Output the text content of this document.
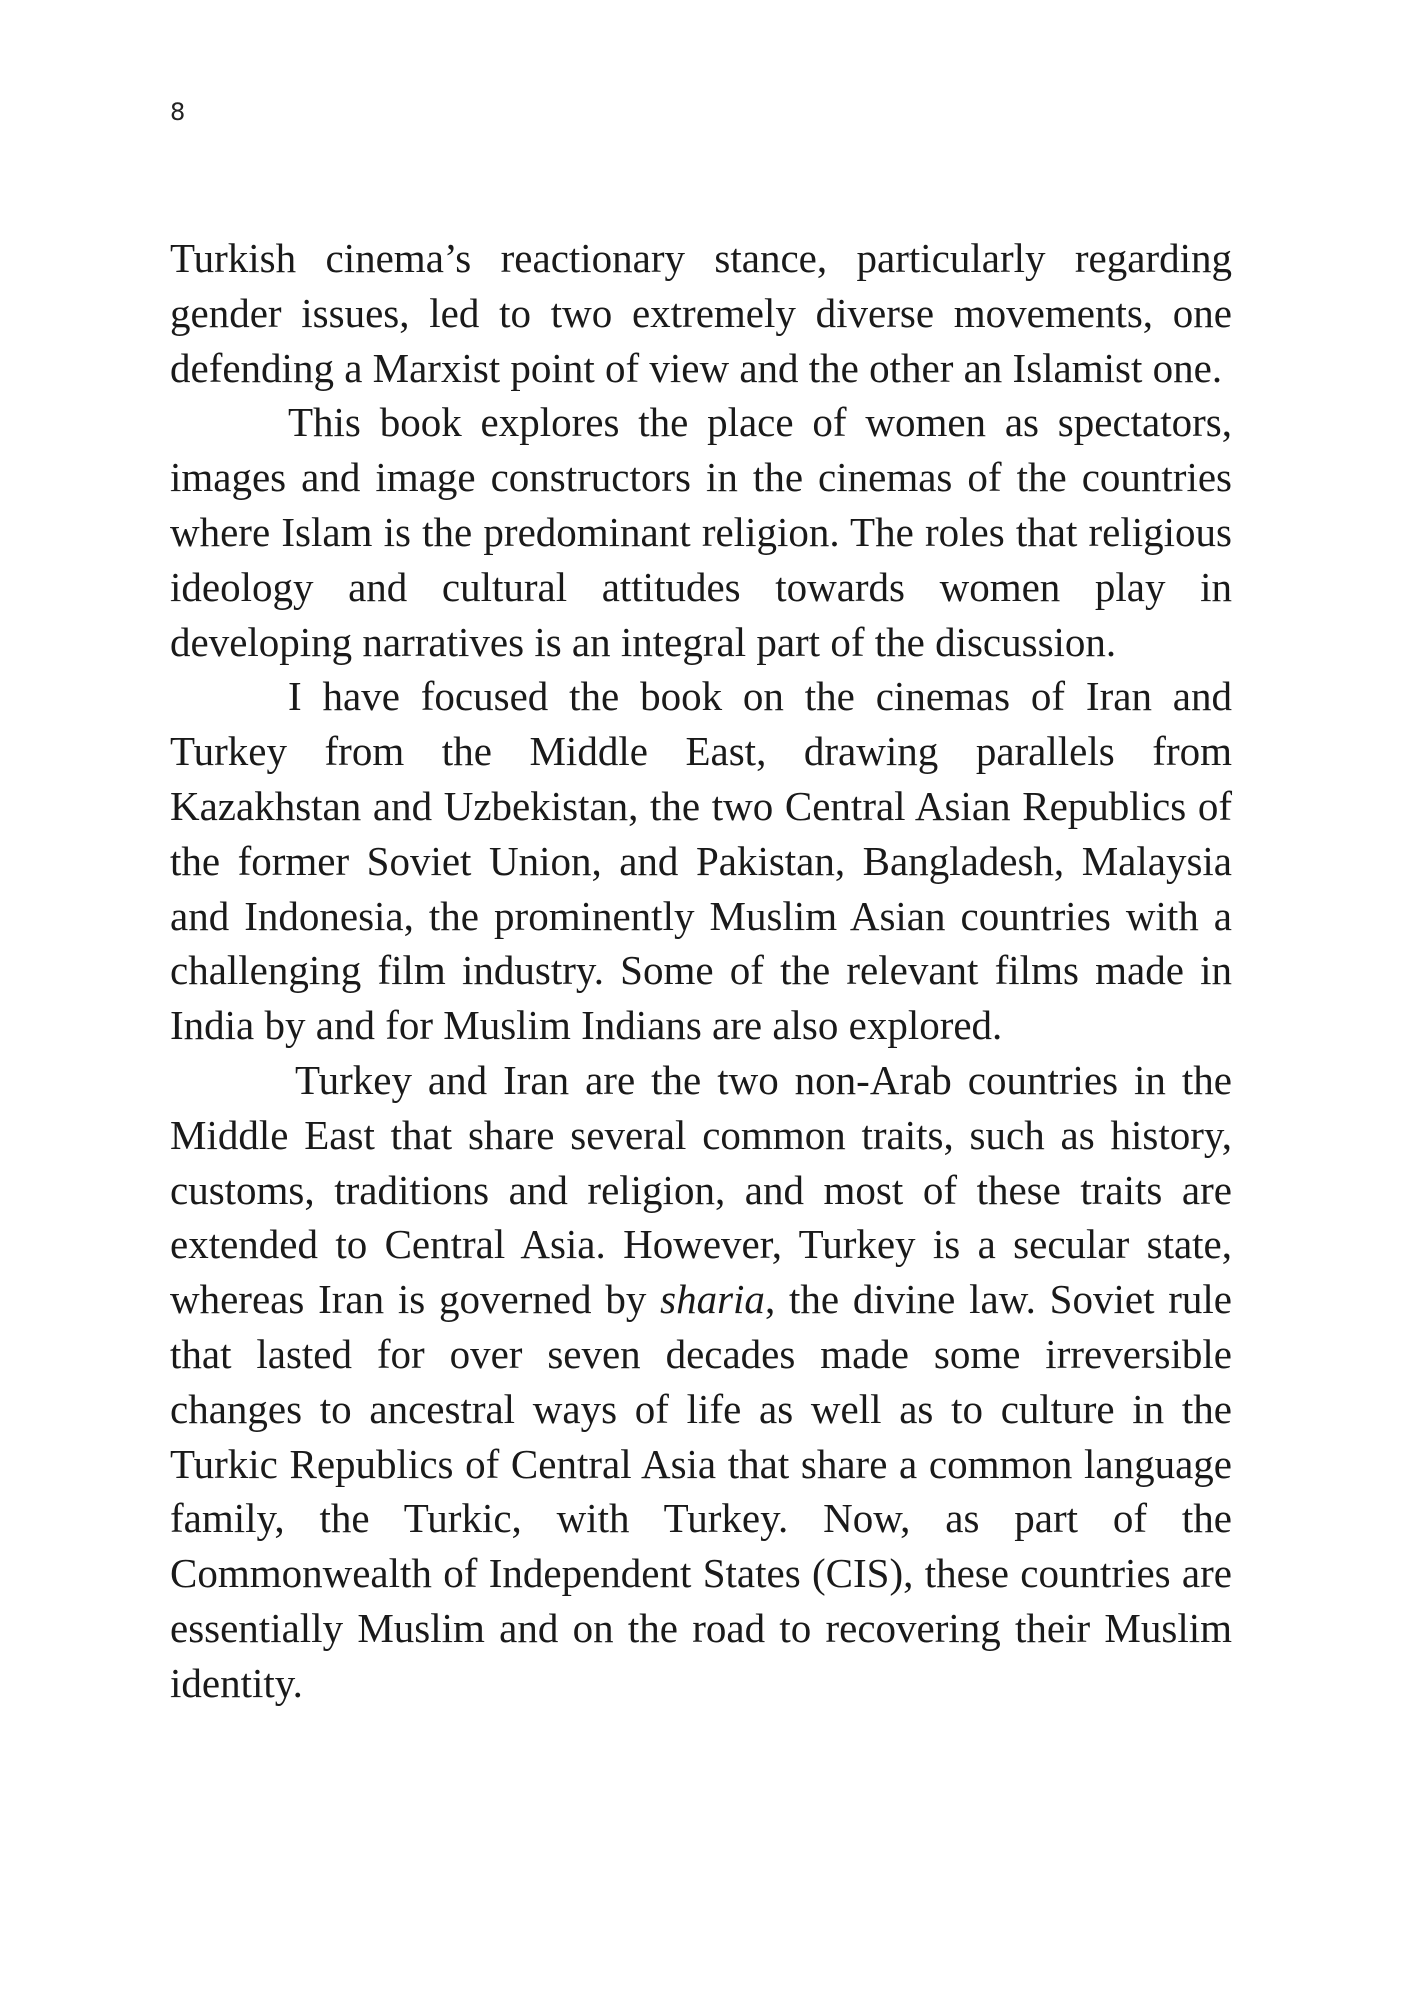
8

Turkish cinema’s reactionary stance, particularly regarding gender issues, led to two extremely diverse movements, one defending a Marxist point of view and the other an Islamist one.

This book explores the place of women as spectators, images and image constructors in the cinemas of the countries where Islam is the predominant religion. The roles that religious ideology and cultural attitudes towards women play in developing narratives is an integral part of the discussion.

I have focused the book on the cinemas of Iran and Turkey from the Middle East, drawing parallels from Kazakhstan and Uzbekistan, the two Central Asian Republics of the former Soviet Union, and Pakistan, Bangladesh, Malaysia and Indonesia, the prominently Muslim Asian countries with a challenging film industry. Some of the relevant films made in India by and for Muslim Indians are also explored.

Turkey and Iran are the two non-Arab countries in the Middle East that share several common traits, such as history, customs, traditions and religion, and most of these traits are extended to Central Asia. However, Turkey is a secular state, whereas Iran is governed by sharia, the divine law. Soviet rule that lasted for over seven decades made some irreversible changes to ancestral ways of life as well as to culture in the Turkic Republics of Central Asia that share a common language family, the Turkic, with Turkey. Now, as part of the Commonwealth of Independent States (CIS), these countries are essentially Muslim and on the road to recovering their Muslim identity.
